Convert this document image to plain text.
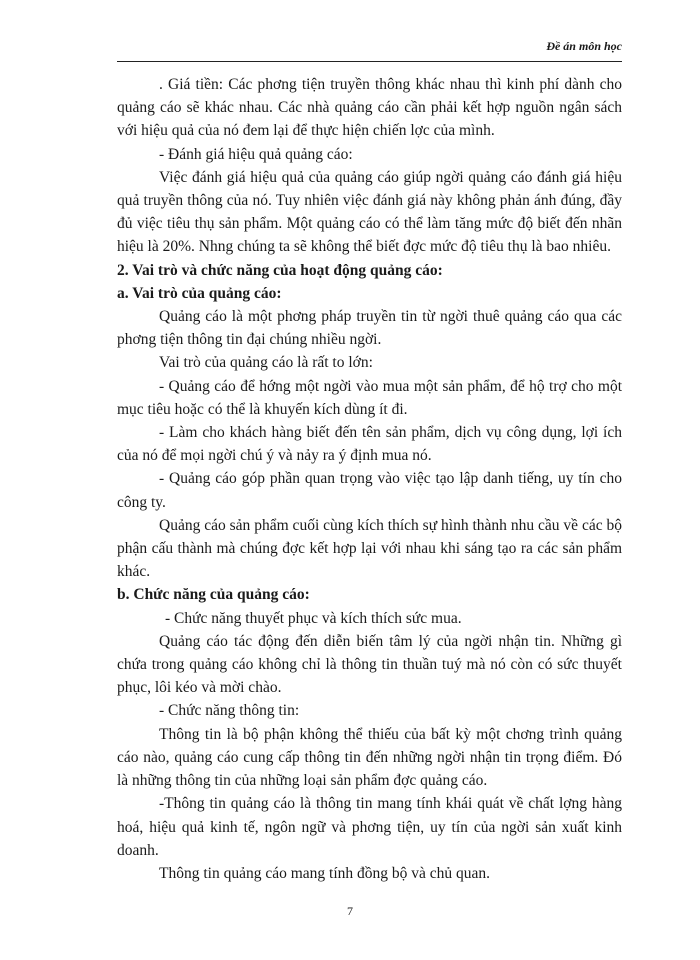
Đề án môn học

. Giá tiền: Các phơng tiện truyền thông khác nhau thì kinh phí dành cho quảng cáo sẽ khác nhau. Các nhà quảng cáo cần phải kết hợp nguồn ngân sách với hiệu quả của nó đem lại để thực hiện chiến lợc của mình.

- Đánh giá hiệu quả quảng cáo:

Việc đánh giá hiệu quả của quảng cáo giúp ngời quảng cáo đánh giá hiệu quả truyền thông của nó. Tuy nhiên việc đánh giá này không phản ánh đúng, đầy đủ việc tiêu thụ sản phẩm. Một quảng cáo có thể làm tăng mức độ biết đến nhãn hiệu là 20%. Nhng chúng ta sẽ không thể biết đợc mức độ tiêu thụ là bao nhiêu.

2. Vai trò và chức năng của hoạt động quảng cáo:

a. Vai trò của quảng cáo:

Quảng cáo là một phơng pháp truyền tin từ ngời thuê quảng cáo qua các phơng tiện thông tin đại chúng nhiều ngời.

Vai trò của quảng cáo là rất to lớn:

- Quảng cáo để hớng một ngời vào mua một sản phẩm, để hộ trợ cho một mục tiêu hoặc có thể là khuyến kích dùng ít đi.

- Làm cho khách hàng biết đến tên sản phẩm, dịch vụ công dụng, lợi ích của nó để mọi ngời chú ý và nảy ra ý định mua nó.

- Quảng cáo góp phần quan trọng vào việc tạo lập danh tiếng, uy tín cho công ty.

Quảng cáo sản phẩm cuối cùng kích thích sự hình thành nhu cầu về các bộ phận cấu thành mà chúng đợc kết hợp lại với nhau khi sáng tạo ra các sản phẩm khác.

b. Chức năng của quảng cáo:

- Chức năng thuyết phục và kích thích sức mua.

Quảng cáo tác động đến diễn biến tâm lý của ngời nhận tin. Những gì chứa trong quảng cáo không chỉ là thông tin thuần tuý mà nó còn có sức thuyết phục, lôi kéo và mời chào.

- Chức năng thông tin:

Thông tin là bộ phận không thể thiếu của bất kỳ một chơng trình quảng cáo nào, quảng cáo cung cấp thông tin đến những ngời nhận tin trọng điểm. Đó là những thông tin của những loại sản phẩm đợc quảng cáo.

-Thông tin quảng cáo là thông tin mang tính khái quát về chất lợng hàng hoá, hiệu quả kinh tế, ngôn ngữ và phơng tiện, uy tín của ngời sản xuất kinh doanh.

Thông tin quảng cáo mang tính đồng bộ và chủ quan.

7
